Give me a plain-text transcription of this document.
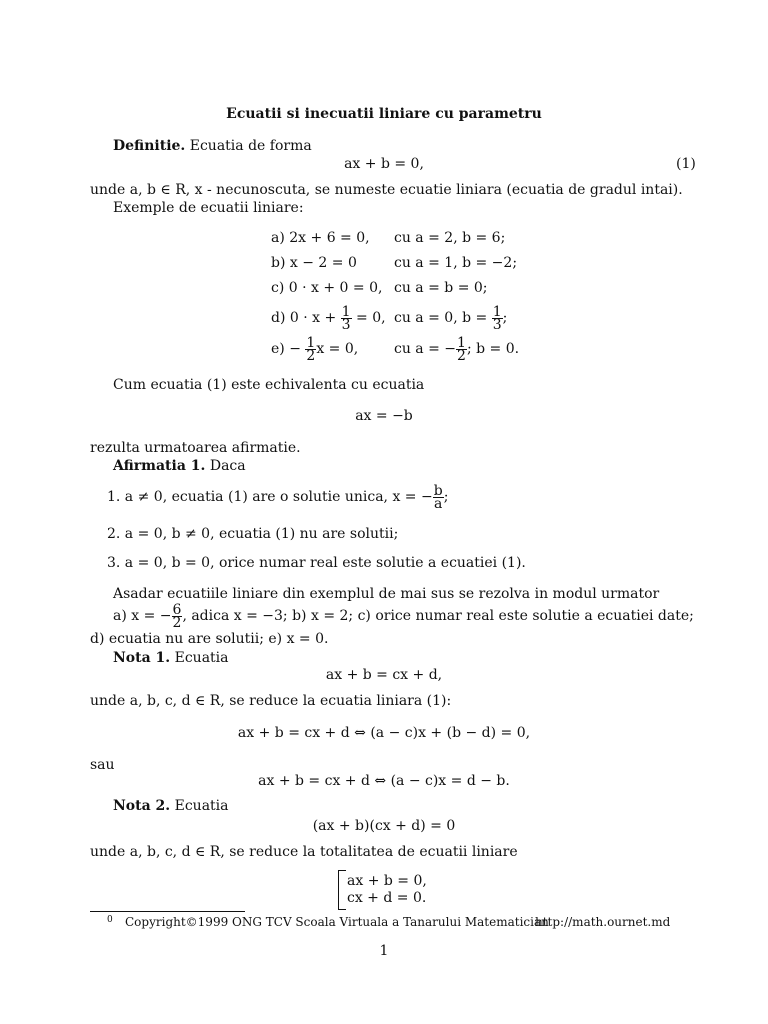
Ecuatii si inecuatii liniare cu parametru
Definitie. Ecuatia de forma
ax + b = 0,	(1)
unde a, b ∈ R, x - necunoscuta, se numeste ecuatie liniara (ecuatia de gradul intai).
Exemple de ecuatii liniare:
a) 2x + 6 = 0, cu a = 2, b = 6;
b) x − 2 = 0	cu a = 1, b = −2;
c) 0 · x + 0 = 0, cu a = b = 0;
d) $0 \cdot x + \frac{1}{3} = 0$, cu a = 0, $b = \frac{1}{3}$ ;
$e) - \frac{1}{2}$ x = 0,	cu a = − $\frac{1}{2}$ ; b = 0.
Cum ecuatia (1) este echivalenta cu ecuatia
ax = −b
rezulta urmatoarea afirmatie.
Afirmatia 1. Daca
1. a ≠ 0, ecuatia (1) are o solutie unica, x = − $\frac{b}{a}$ ;
2. a = 0, b ≠ 0, ecuatia (1) nu are solutii;
3. a = 0, b = 0, orice numar real este solutie a ecuatiei (1).
Asadar ecuatiile liniare din exemplul de mai sus se rezolva in modul urmator
a) x = − $\frac{6}{2}$ , adica x = −3; b) x = 2; c) orice numar real este solutie a ecuatiei date;
d) ecuatia nu are solutii; e) x = 0.
Nota 1. Ecuatia
ax + b = cx + d,
unde a, b, c, d ∈ R, se reduce la ecuatia liniara (1):
ax + b = cx + d ⇔ (a − c)x + (b − d) = 0,
sau
ax + b = cx + d ⇔ (a − c)x = d − b.
Nota 2. Ecuatia
(ax + b)(cx + d) = 0
unde a, b, c, d ∈ R, se reduce la totalitatea de ecuatii liniare
ax + b = 0,
cx + d = 0.
0 Copyright©1999 ONG TCV Scoala Virtuala a Tanarului Matematician
http://math.ournet.md
1
